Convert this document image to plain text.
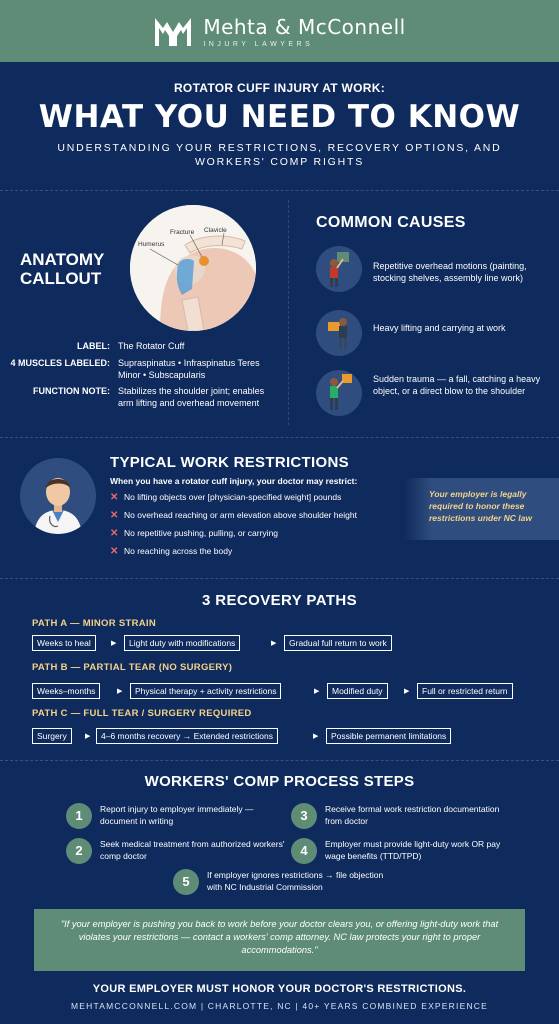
Mehta & McConnell
INJURY LAWYERS
ROTATOR CUFF INJURY AT WORK:
WHAT YOU NEED TO KNOW
UNDERSTANDING YOUR RESTRICTIONS, RECOVERY OPTIONS, AND WORKERS' COMP RIGHTS
ANATOMY
CALLOUT
Fracture Clavicle
Humerus
LABEL: The Rotator Cuff
4 MUSCLES LABELED: Supraspinatus • Infraspinatus Teres Minor • Subscapularis
FUNCTION NOTE: Stabilizes the shoulder joint; enables arm lifting and overhead movement
COMMON CAUSES
Repetitive overhead motions (painting, stocking shelves, assembly line work)
Heavy lifting and carrying at work
Sudden trauma — a fall, catching a heavy object, or a direct blow to the shoulder
TYPICAL WORK RESTRICTIONS
When you have a rotator cuff injury, your doctor may restrict:
✕ No lifting objects over [physician-specified weight] pounds
✕ No overhead reaching or arm elevation above shoulder height
✕ No repetitive pushing, pulling, or carrying
✕ No reaching across the body
Your employer is legally required to honor these restrictions under NC law
3 RECOVERY PATHS
PATH A — MINOR STRAIN
Weeks to heal	▶	Light duty with modifications	▶	Gradual full return to work
PATH B — PARTIAL TEAR (NO SURGERY)
Weeks–months	▶	Physical therapy + activity restrictions	▶	Modified duty	▶	Full or restricted return
PATH C — FULL TEAR / SURGERY REQUIRED
Surgery	▶	4–6 months recovery → Extended restrictions	▶	Possible permanent limitations
WORKERS' COMP PROCESS STEPS
1	Report injury to employer immediately — document in writing
2	Seek medical treatment from authorized workers' comp doctor
3	Receive formal work restriction documentation from doctor
4	Employer must provide light-duty work OR pay wage benefits (TTD/TPD)
5	If employer ignores restrictions → file objection with NC Industrial Commission
"If your employer is pushing you back to work before your doctor clears you, or offering light-duty work that violates your restrictions — contact a workers' comp attorney. NC law protects your right to proper accommodations."
YOUR EMPLOYER MUST HONOR YOUR DOCTOR'S RESTRICTIONS.
MEHTAMCCONNELL.COM | CHARLOTTE, NC | 40+ YEARS COMBINED EXPERIENCE
